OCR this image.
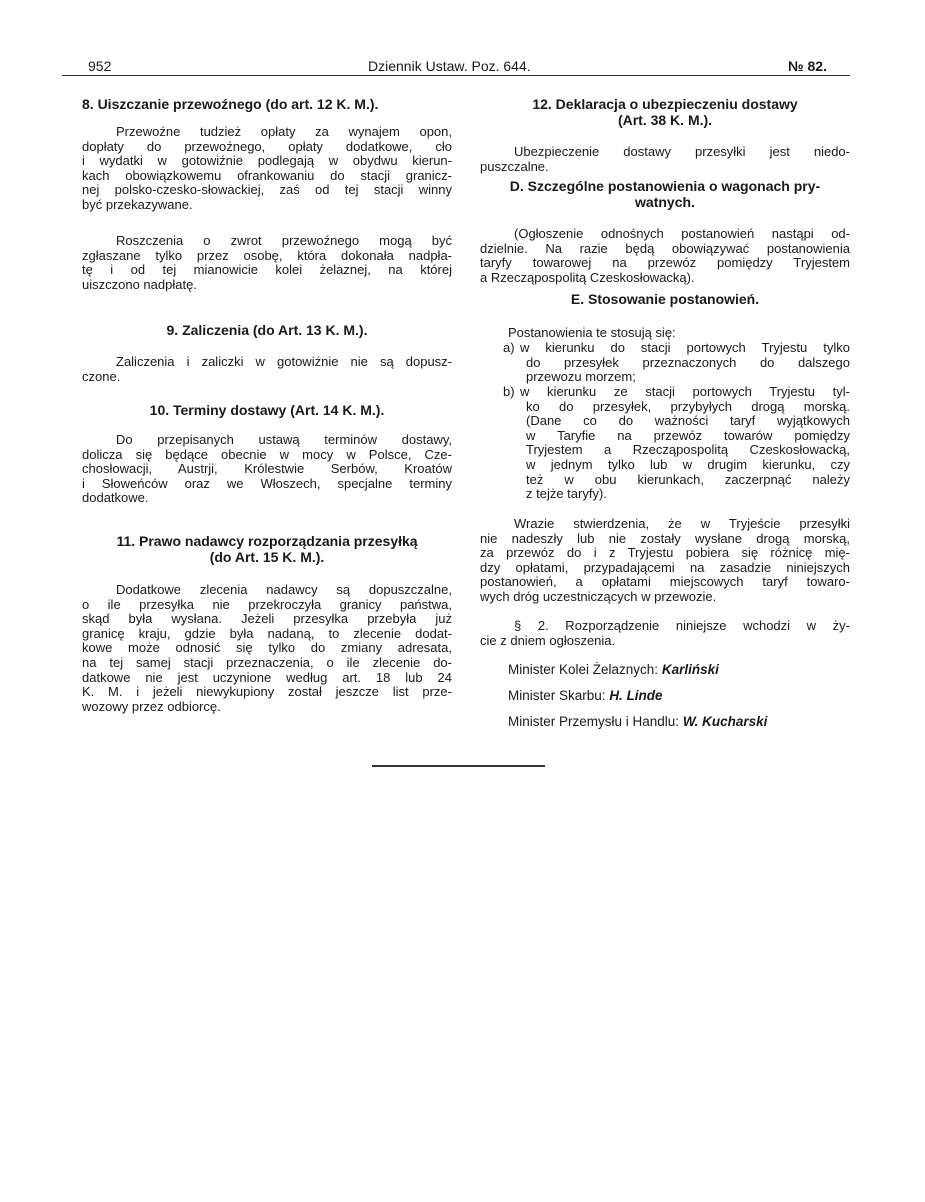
952	Dziennik Ustaw. Poz. 644.	№ 82.
8. Uiszczanie przewoźnego (do art. 12 K. M.).
Przewoźne tudzież opłaty za wynajem opon,
dopłaty do przewoźnego, opłaty dodatkowe, cło
i wydatki w gotowiźnie podlegają w obydwu kierun-
kach obowiązkowemu ofrankowaniu do stacji granicz-
nej polsko-czesko-słowackiej, zaś od tej stacji winny
być przekazywane.
Roszczenia o zwrot przewoźnego mogą być
zgłaszane tylko przez osobę, która dokonała nadpła-
tę i od tej mianowicie kolei żelaznej, na której
uiszczono nadpłatę.
9. Zaliczenia (do Art. 13 K. M.).
Zaliczenia i zaliczki w gotowiźnie nie są dopusz-
czone.
10. Terminy dostawy (Art. 14 K. M.).
Do przepisanych ustawą terminów dostawy,
dolicza się będące obecnie w mocy w Polsce, Cze-
chosłowacji, Austrji, Królestwie Serbów, Kroatów
i Słoweńców oraz we Włoszech, specjalne terminy
dodatkowe.
11. Prawo nadawcy rozporządzania przesyłką
(do Art. 15 K. M.).
Dodatkowe zlecenia nadawcy są dopuszczalne,
o ile przesyłka nie przekroczyła granicy państwa,
skąd była wysłana. Jeżeli przesyłka przebyła już
granicę kraju, gdzie była nadaną, to zlecenie dodat-
kowe może odnosić się tylko do zmiany adresata,
na tej samej stacji przeznaczenia, o ile zlecenie do-
datkowe nie jest uczynione według art. 18 lub 24
K. M. i jeżeli niewykupiony został jeszcze list prze-
wozowy przez odbiorcę.
12. Deklaracja o ubezpieczeniu dostawy
(Art. 38 K. M.).
Ubezpieczenie dostawy przesyłki jest niedo-
puszczalne.
D. Szczególne postanowienia o wagonach pry-
watnych.
(Ogłoszenie odnośnych postanowień nastąpi od-
dzielnie. Na razie będą obowiązywać postanowienia
taryfy towarowej na przewóz pomiędzy Tryjestem
a Rzecząpospolitą Czeskosłowacką).
E. Stosowanie postanowień.
Postanowienia te stosują się:
a) w kierunku do stacji portowych Tryjestu tylko
do przesyłek przeznaczonych do dalszego
przewozu morzem;
b) w kierunku ze stacji portowych Tryjestu tyl-
ko do przesyłek, przybyłych drogą morską.
(Dane co do ważności taryf wyjątkowych
w Taryfie na przewóz towarów pomiędzy
Tryjestem a Rzecząpospolitą Czeskosłowacką,
w jednym tylko lub w drugim kierunku, czy
też w obu kierunkach, zaczerpnąć należy
z tejże taryfy).
Wrazie stwierdzenia, że w Tryjeście przesyłki
nie nadeszły lub nie zostały wysłane drogą morską,
za przewóz do i z Tryjestu pobiera się różnicę mię-
dzy opłatami, przypadającemi na zasadzie niniejszych
postanowień, a opłatami miejscowych taryf towaro-
wych dróg uczestniczących w przewozie.
§ 2. Rozporządzenie niniejsze wchodzi w ży-
cie z dniem ogłoszenia.
Minister Kolei Żelaznych: Karliński
Minister Skarbu: H. Linde
Minister Przemysłu i Handlu: W. Kucharski
